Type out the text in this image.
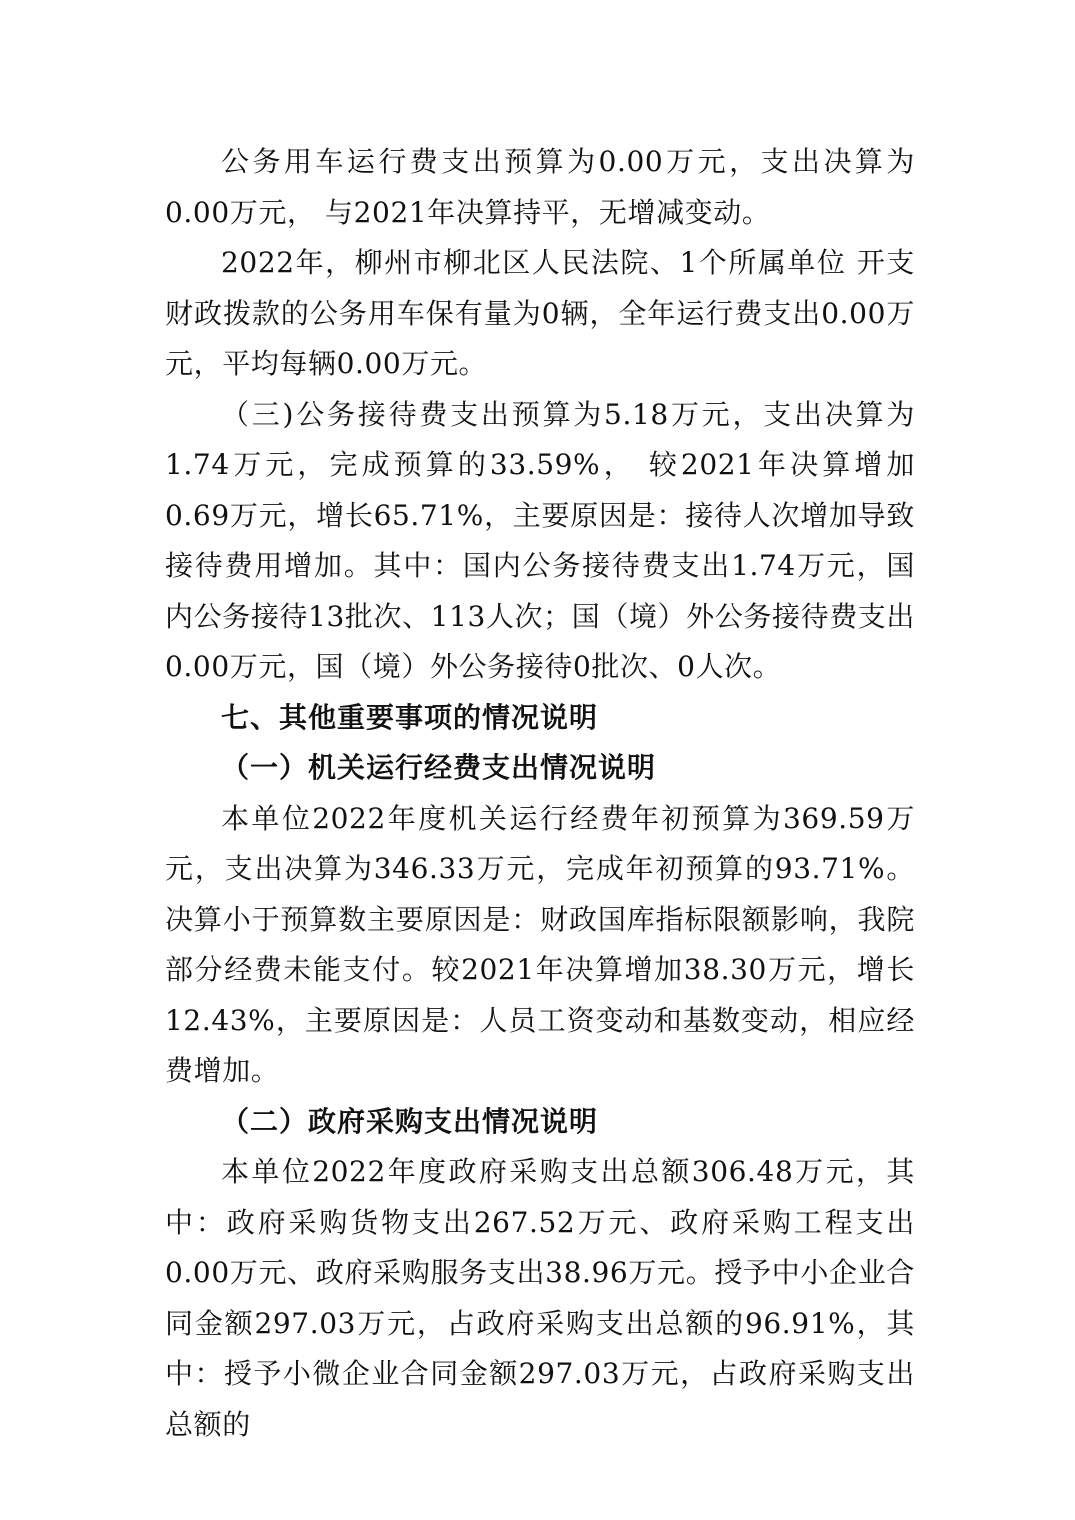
公务用车运行费支出预算为0.00万元，支出决算为0.00万元， 与2021年决算持平，无增减变动。

2022年，柳州市柳北区人民法院、1个所属单位 开支财政拨款的公务用车保有量为0辆，全年运行费支出0.00万元，平均每辆0.00万元。

（三)公务接待费支出预算为5.18万元，支出决算为1.74万元，完成预算的33.59%， 较2021年决算增加0.69万元，增长65.71%，主要原因是：接待人次增加导致接待费用增加。其中：国内公务接待费支出1.74万元，国内公务接待13批次、113人次；国（境）外公务接待费支出0.00万元，国（境）外公务接待0批次、0人次。

七、其他重要事项的情况说明

（一）机关运行经费支出情况说明

本单位2022年度机关运行经费年初预算为369.59万元，支出决算为346.33万元，完成年初预算的93.71%。决算小于预算数主要原因是：财政国库指标限额影响，我院部分经费未能支付。较2021年决算增加38.30万元，增长12.43%，主要原因是：人员工资变动和基数变动，相应经费增加。

（二）政府采购支出情况说明

本单位2022年度政府采购支出总额306.48万元，其中：政府采购货物支出267.52万元、政府采购工程支出0.00万元、政府采购服务支出38.96万元。授予中小企业合同金额297.03万元，占政府采购支出总额的96.91%，其中：授予小微企业合同金额297.03万元，占政府采购支出总额的
